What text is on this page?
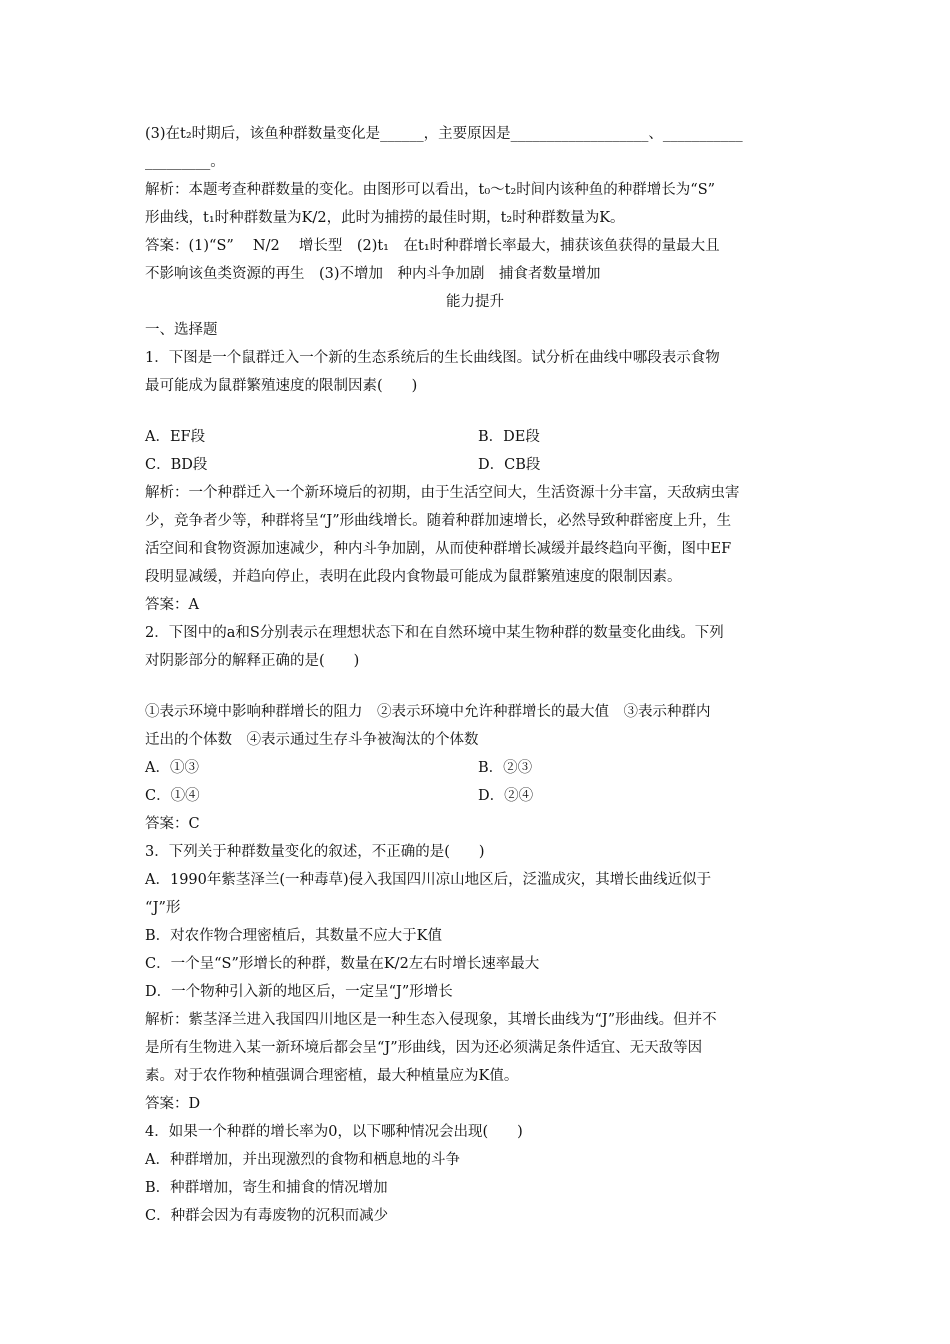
(3)在t₂时期后，该鱼种群数量变化是______，主要原因是___________________、___________
_________。
解析：本题考查种群数量的变化。由图形可以看出，t₀～t₂时间内该种鱼的种群增长为“S”
形曲线，t₁时种群数量为K/2，此时为捕捞的最佳时期，t₂时种群数量为K。
答案：(1)“S”　 N/2　 增长型　(2)t₁　在t₁时种群增长率最大，捕获该鱼获得的量最大且
不影响该鱼类资源的再生　(3)不增加　种内斗争加剧　捕食者数量增加
能力提升
一、选择题
1．下图是一个鼠群迁入一个新的生态系统后的生长曲线图。试分析在曲线中哪段表示食物
最可能成为鼠群繁殖速度的限制因素(　　)
A．EF段	B．DE段
C．BD段	D．CB段
解析：一个种群迁入一个新环境后的初期，由于生活空间大，生活资源十分丰富，天敌病虫害
少，竞争者少等，种群将呈“J”形曲线增长。随着种群加速增长，必然导致种群密度上升，生
活空间和食物资源加速减少，种内斗争加剧，从而使种群增长减缓并最终趋向平衡，图中EF
段明显减缓，并趋向停止，表明在此段内食物最可能成为鼠群繁殖速度的限制因素。
答案：A
2．下图中的a和S分别表示在理想状态下和在自然环境中某生物种群的数量变化曲线。下列
对阴影部分的解释正确的是(　　)
①表示环境中影响种群增长的阻力　②表示环境中允许种群增长的最大值　③表示种群内
迁出的个体数　④表示通过生存斗争被淘汰的个体数
A．①③	B．②③
C．①④	D．②④
答案：C
3．下列关于种群数量变化的叙述，不正确的是(　　)
A．1990年紫茎泽兰(一种毒草)侵入我国四川凉山地区后，泛滥成灾，其增长曲线近似于
“J”形
B．对农作物合理密植后，其数量不应大于K值
C．一个呈“S”形增长的种群，数量在K/2左右时增长速率最大
D．一个物种引入新的地区后，一定呈“J”形增长
解析：紫茎泽兰进入我国四川地区是一种生态入侵现象，其增长曲线为“J”形曲线。但并不
是所有生物进入某一新环境后都会呈“J”形曲线，因为还必须满足条件适宜、无天敌等因
素。对于农作物种植强调合理密植，最大种植量应为K值。
答案：D
4．如果一个种群的增长率为0，以下哪种情况会出现(　　)
A．种群增加，并出现激烈的食物和栖息地的斗争
B．种群增加，寄生和捕食的情况增加
C．种群会因为有毒废物的沉积而减少
